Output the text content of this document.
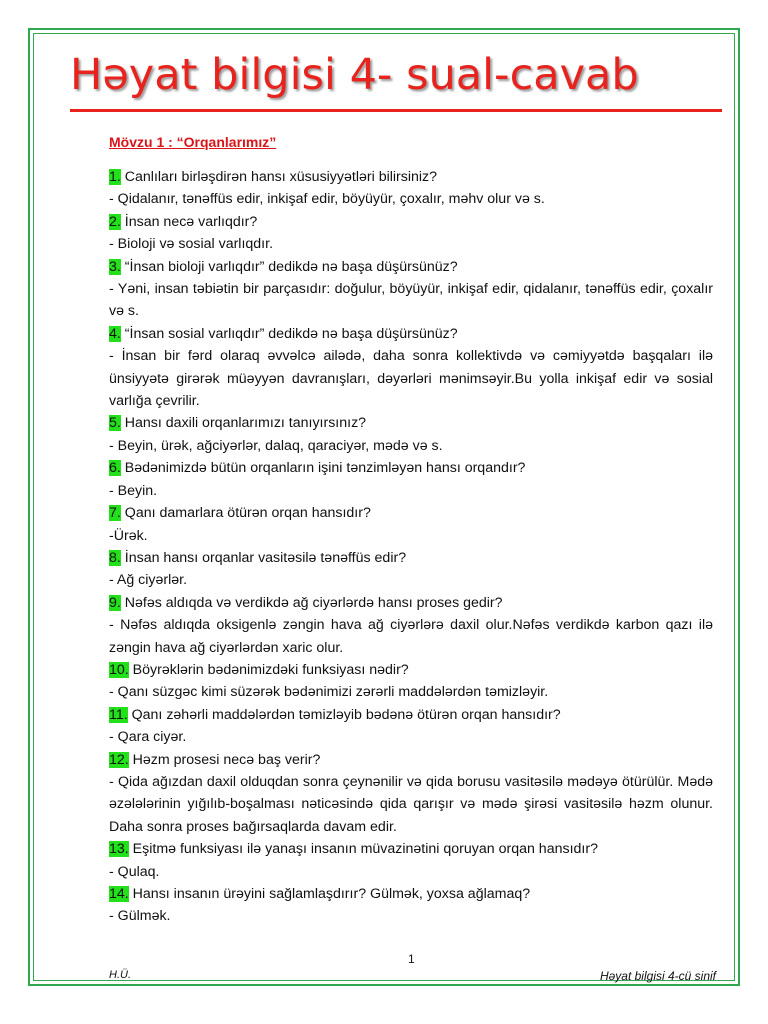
Həyat bilgisi 4- sual-cavab
Mövzu 1 : “Orqanlarımız”

1. Canlıları birləşdirən hansı xüsusiyyətləri bilirsiniz?

- Qidalanır, tənəffüs edir, inkişaf edir, böyüyür, çoxalır, məhv olur və s.

2. İnsan necə varlıqdır?

- Bioloji və sosial varlıqdır.

3. “İnsan bioloji varlıqdır” dedikdə nə başa düşürsünüz?

- Yəni, insan təbiətin bir parçasıdır: doğulur, böyüyür, inkişaf edir, qidalanır, tənəffüs edir, çoxalır və s.

4. “İnsan sosial varlıqdır” dedikdə nə başa düşürsünüz?

- İnsan bir fərd olaraq əvvəlcə ailədə, daha sonra kollektivdə və cəmiyyətdə başqaları ilə ünsiyyətə girərək müəyyən davranışları, dəyərləri mənimsəyir.Bu yolla inkişaf edir və sosial varlığa çevrilir.

5. Hansı daxili orqanlarımızı tanıyırsınız?

- Beyin, ürək, ağciyərlər, dalaq, qaraciyər, mədə və s.

6. Bədənimizdə bütün orqanların işini tənzimləyən hansı orqandır?

- Beyin.

7. Qanı damarlara ötürən orqan hansıdır?

-Ürək.

8. İnsan hansı orqanlar vasitəsilə tənəffüs edir?

- Ağ ciyərlər.

9. Nəfəs aldıqda və verdikdə ağ ciyərlərdə hansı proses gedir?

- Nəfəs aldıqda oksigenlə zəngin hava ağ ciyərlərə daxil olur.Nəfəs verdikdə karbon qazı ilə zəngin hava ağ ciyərlərdən xaric olur.

10. Böyrəklərin bədənimizdəki funksiyası nədir?

- Qanı süzgəc kimi süzərək bədənimizi zərərli maddələrdən təmizləyir.

11. Qanı zəhərli maddələrdən təmizləyib bədənə ötürən orqan hansıdır?

- Qara ciyər.

12. Həzm prosesi necə baş verir?

- Qida ağızdan daxil olduqdan sonra çeynənilir və qida borusu vasitəsilə mədəyə ötürülür. Mədə əzələlərinin yığılıb-boşalması nəticəsində qida qarışır və mədə şirəsi vasitəsilə həzm olunur. Daha sonra proses bağırsaqlarda davam edir.

13. Eşitmə funksiyası ilə yanaşı insanın müvazinətini qoruyan orqan hansıdır?

- Qulaq.

14. Hansı insanın ürəyini sağlamlaşdırır? Gülmək, yoxsa ağlamaq?

- Gülmək.

1
H.Ü.	Həyat bilgisi 4-cü sinif
